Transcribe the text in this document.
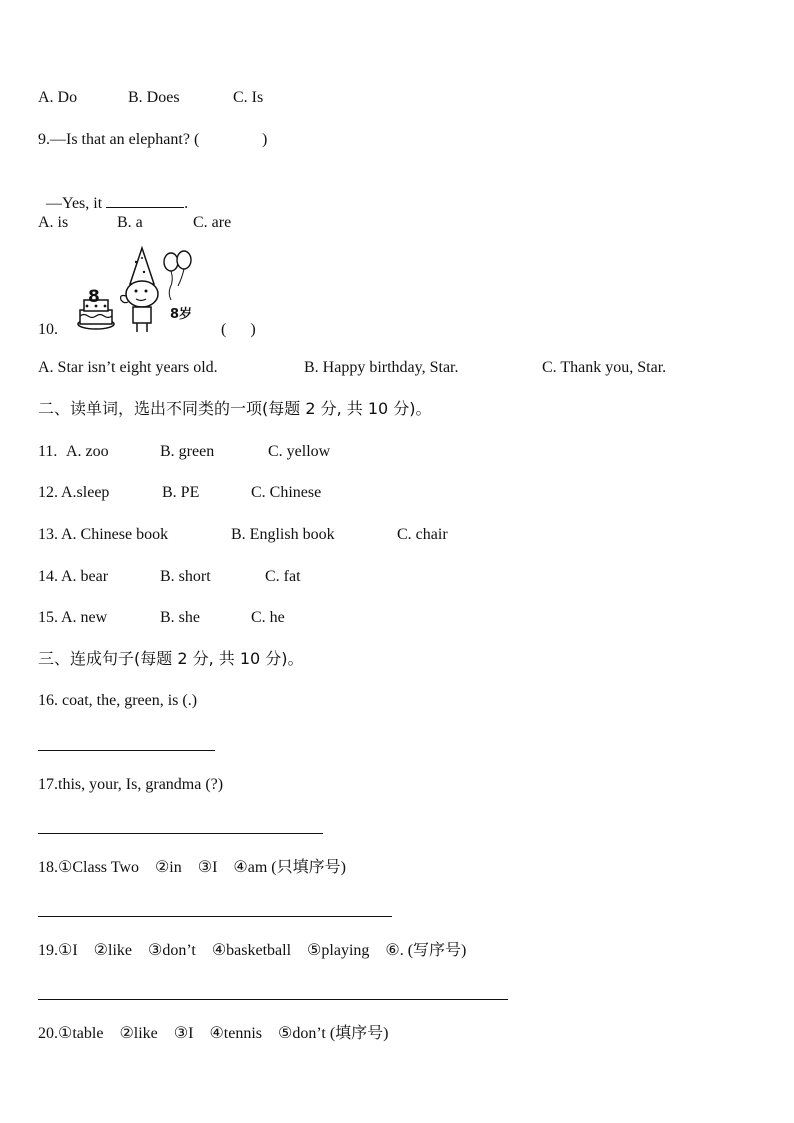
A. Do	B. Does	C. Is
9.—Is that an elephant? (	)

—Yes, it	.

A. is	B. a	C. are
10.
8
8岁
(      )
A. Star isn’t eight years old.	B. Happy birthday, Star.	C. Thank you, Star.
二、读单词，选出不同类的一项(每题 2 分, 共 10 分)。
11. A. zoo	B. green	C. yellow
12. A.sleep	B. PE	C. Chinese
13. A. Chinese book	B. English book	C. chair
14. A. bear	B. short	C. fat
15. A. new	B. she	C. he
三、连成句子(每题 2 分, 共 10 分)。
16. coat, the, green, is (.)
17.this, your, Is, grandma (?)
18.①Class Two    ②in    ③I    ④am (只填序号)
19.①I    ②like    ③don’t    ④basketball    ⑤playing    ⑥. (写序号)
20.①table    ②like    ③I    ④tennis    ⑤don’t (填序号)
